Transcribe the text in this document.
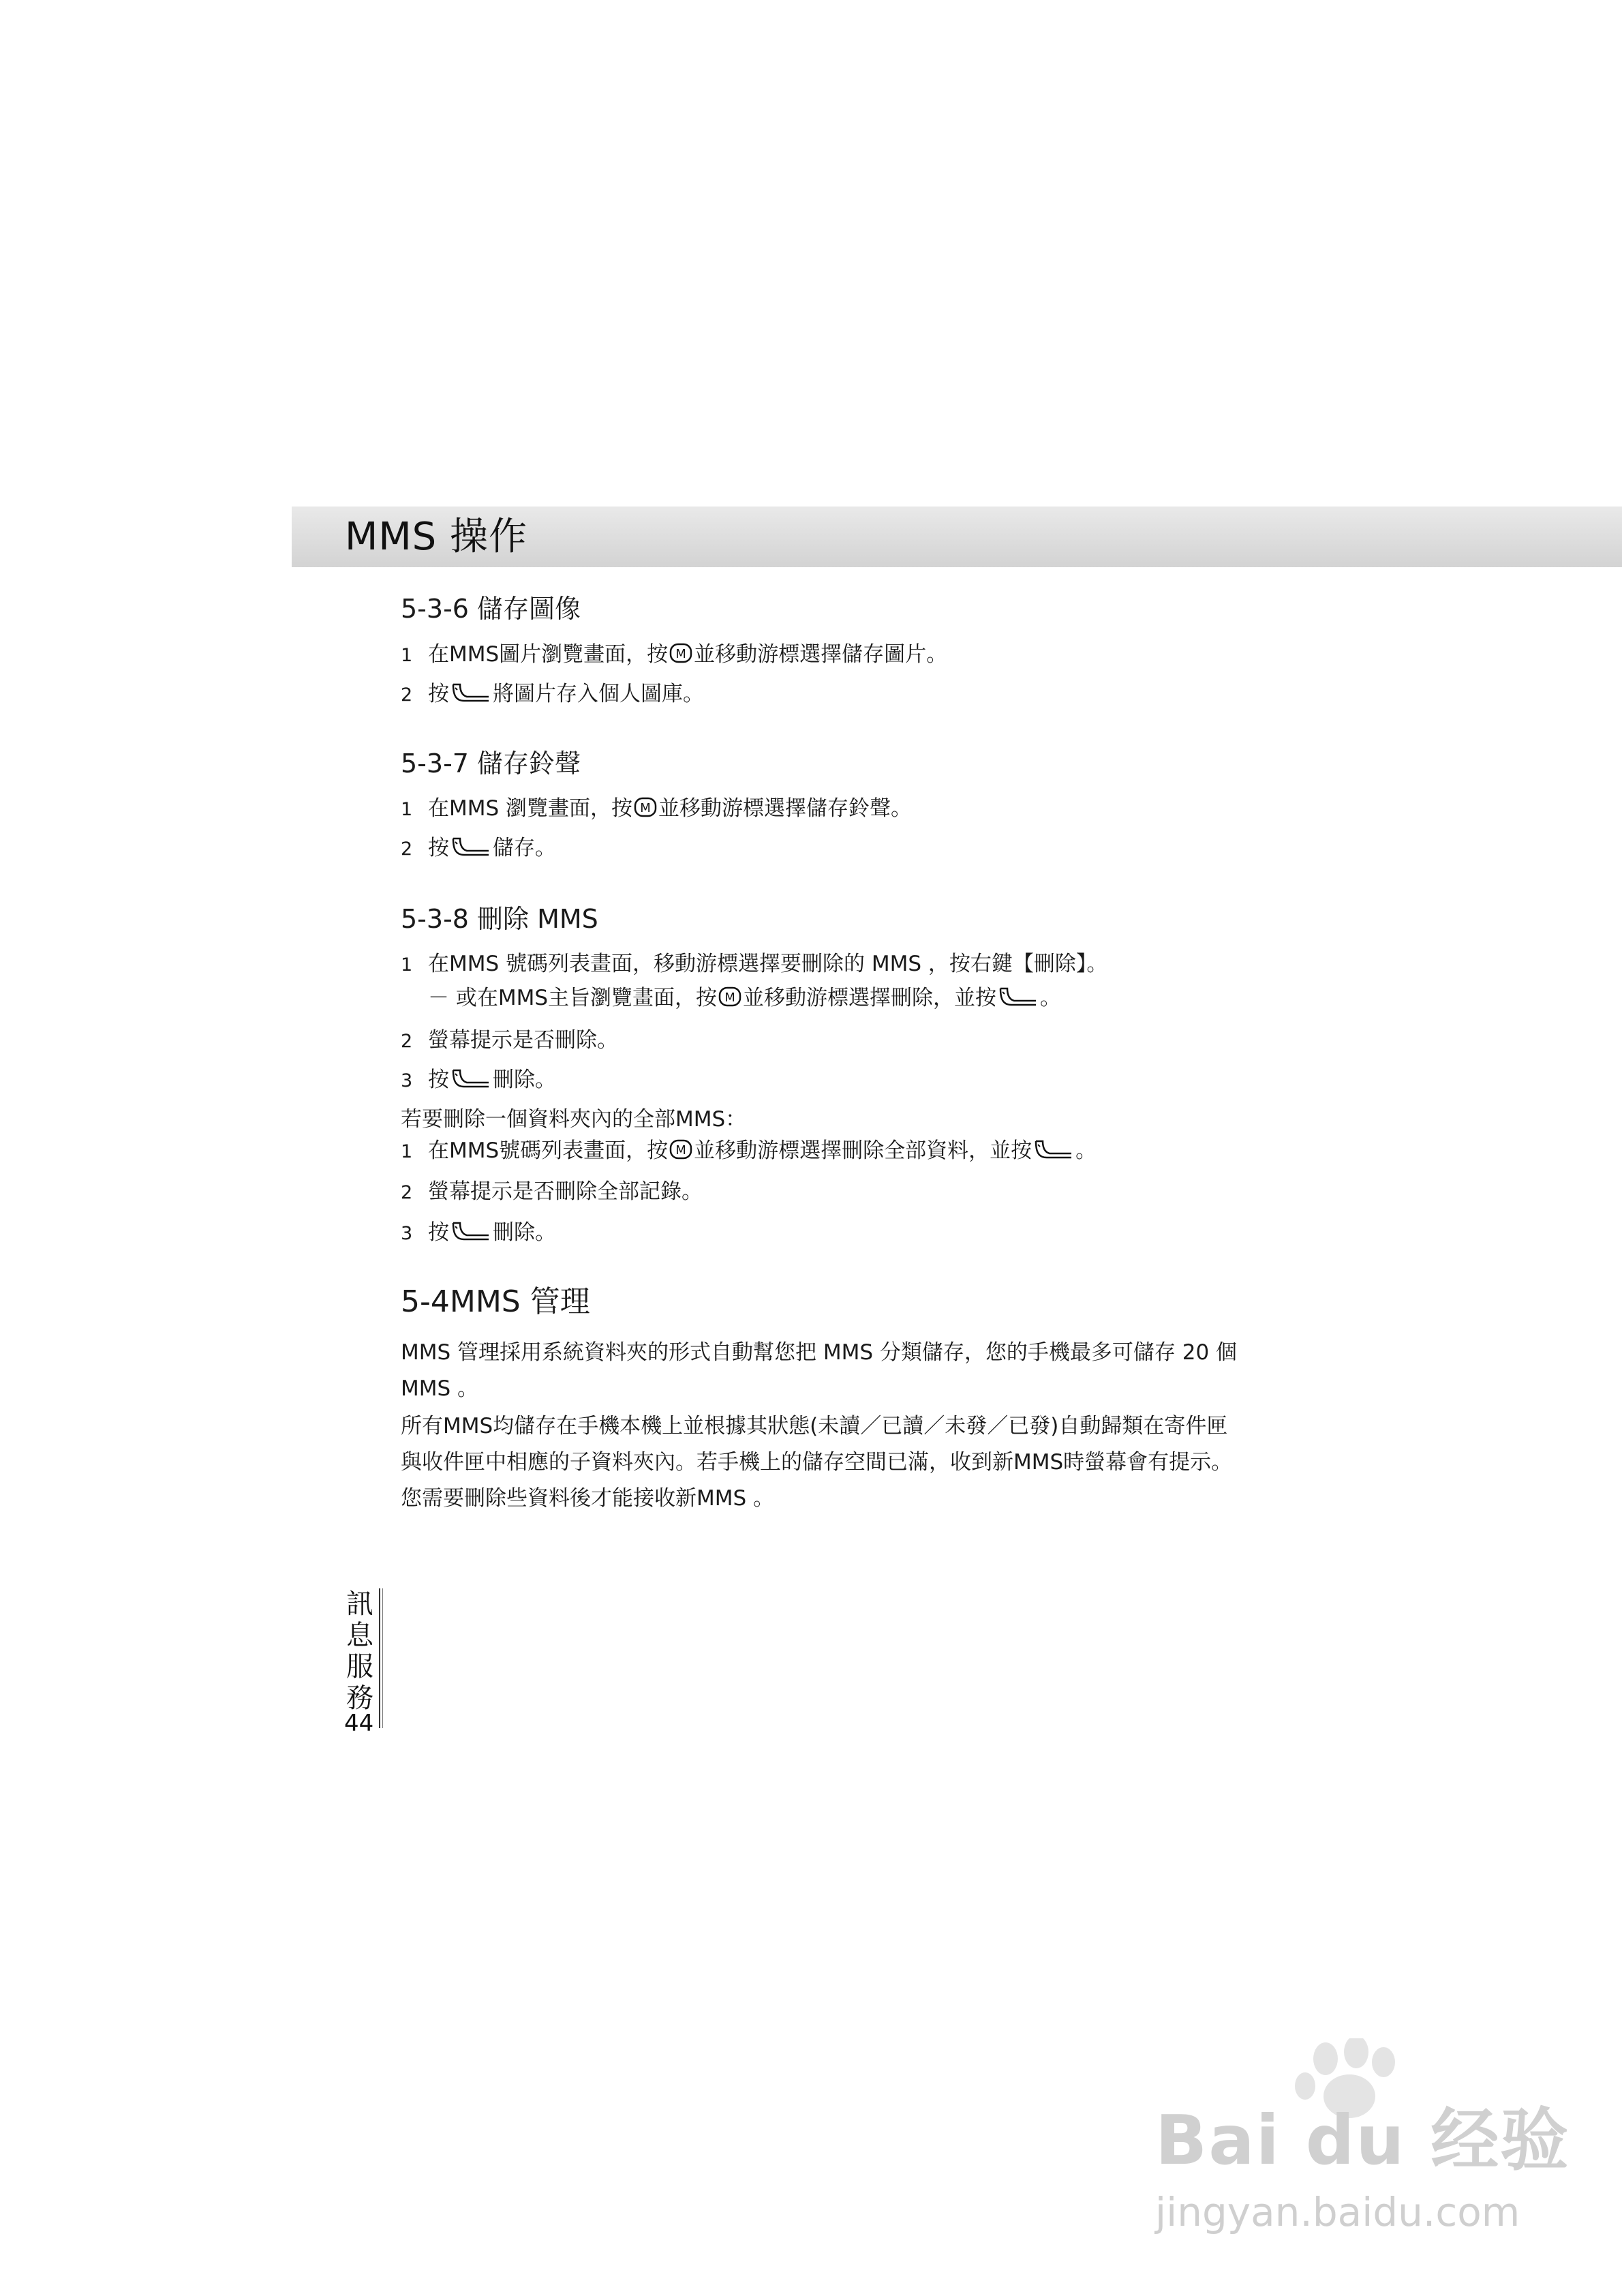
MMS 操作
5-3-6 儲存圖像
1 在MMS圖片瀏覽畫面，按 M 並移動游標選擇儲存圖片。
2 按 將圖片存入個人圖庫。
5-3-7 儲存鈴聲
1 在MMS 瀏覽畫面，按 M 並移動游標選擇儲存鈴聲。
2 按 儲存。
5-3-8 刪除 MMS
1 在MMS 號碼列表畫面，移動游標選擇要刪除的 MMS ，按右鍵【刪除】。
－ 或在MMS主旨瀏覽畫面，按 M 並移動游標選擇刪除，並按 。
2 螢幕提示是否刪除。
3 按 刪除。
若要刪除一個資料夾內的全部MMS：
1 在MMS號碼列表畫面，按 M 並移動游標選擇刪除全部資料，並按 。
2 螢幕提示是否刪除全部記錄。
3 按 刪除。
5-4MMS 管理

MMS 管理採用系統資料夾的形式自動幫您把 MMS 分類儲存，您的手機最多可儲存 20 個
MMS 。

所有MMS均儲存在手機本機上並根據其狀態(未讀／已讀／未發／已發)自動歸類在寄件匣
與收件匣中相應的子資料夾內。若手機上的儲存空間已滿，收到新MMS時螢幕會有提示。
您需要刪除些資料後才能接收新MMS 。

訊
息
服
務
44
Bai du 经验
jingyan.baidu.com
